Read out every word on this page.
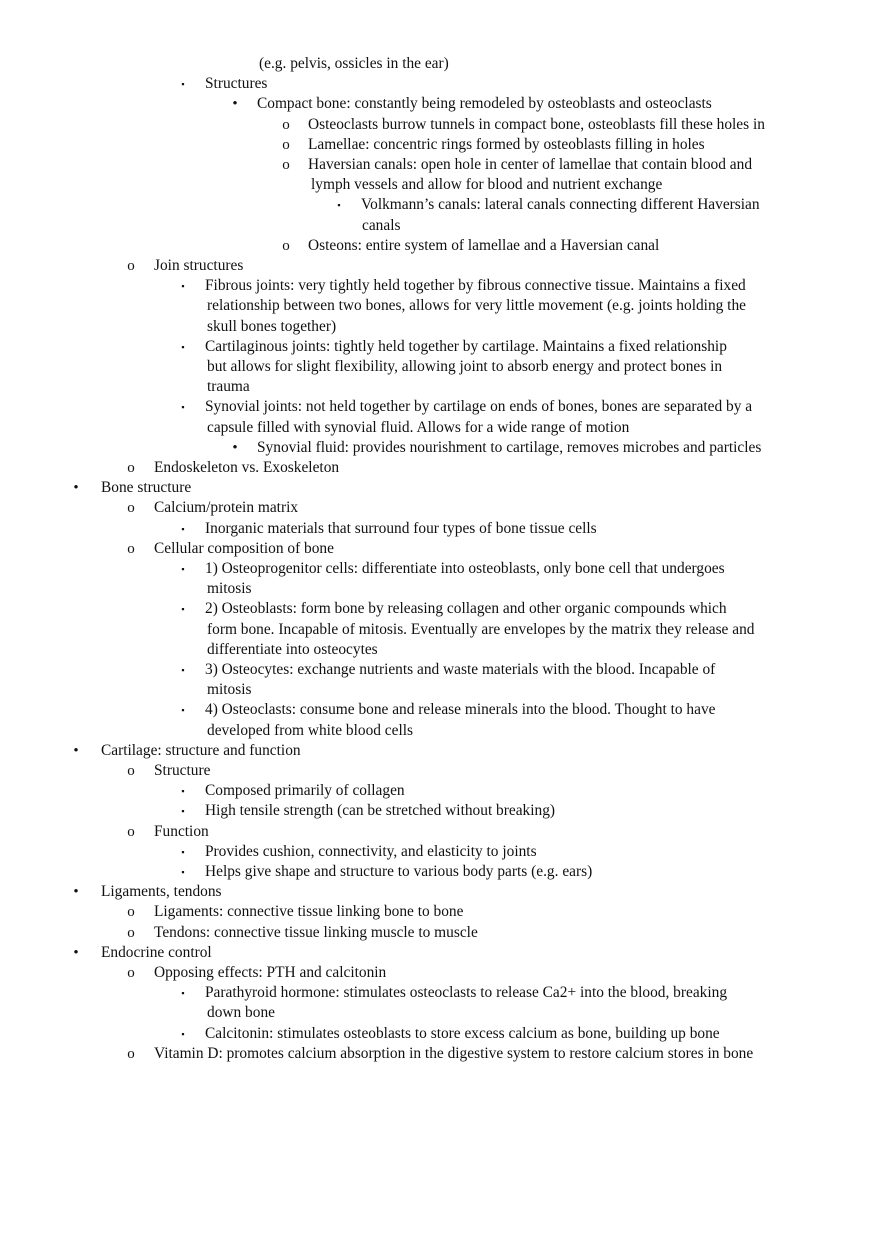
(e.g. pelvis, ossicles in the ear)
▪	Structures
• Compact bone: constantly being remodeled by osteoblasts and osteoclasts
o Osteoclasts burrow tunnels in compact bone, osteoblasts fill these holes in
o Lamellae: concentric rings formed by osteoblasts filling in holes
o Haversian canals: open hole in center of lamellae that contain blood and
lymph vessels and allow for blood and nutrient exchange
▪	Volkmann’s canals: lateral canals connecting different Haversian
canals
o Osteons: entire system of lamellae and a Haversian canal
o Join structures
▪	Fibrous joints: very tightly held together by fibrous connective tissue. Maintains a fixed
relationship between two bones, allows for very little movement (e.g. joints holding the
skull bones together)
▪	Cartilaginous joints: tightly held together by cartilage. Maintains a fixed relationship
but allows for slight flexibility, allowing joint to absorb energy and protect bones in
trauma
▪	Synovial joints: not held together by cartilage on ends of bones, bones are separated by a
capsule filled with synovial fluid. Allows for a wide range of motion
• Synovial fluid: provides nourishment to cartilage, removes microbes and particles
o Endoskeleton vs. Exoskeleton
• Bone structure
o Calcium/protein matrix
▪	Inorganic materials that surround four types of bone tissue cells
o Cellular composition of bone
▪	1) Osteoprogenitor cells: differentiate into osteoblasts, only bone cell that undergoes
mitosis
▪	2) Osteoblasts: form bone by releasing collagen and other organic compounds which
form bone. Incapable of mitosis. Eventually are envelopes by the matrix they release and
differentiate into osteocytes
▪	3) Osteocytes: exchange nutrients and waste materials with the blood. Incapable of
mitosis
▪	4) Osteoclasts: consume bone and release minerals into the blood. Thought to have
developed from white blood cells
• Cartilage: structure and function
o Structure
▪	Composed primarily of collagen
▪	High tensile strength (can be stretched without breaking)
o Function
▪	Provides cushion, connectivity, and elasticity to joints
▪	Helps give shape and structure to various body parts (e.g. ears)
• Ligaments, tendons
o Ligaments: connective tissue linking bone to bone
o Tendons: connective tissue linking muscle to muscle
• Endocrine control
o Opposing effects: PTH and calcitonin
▪	Parathyroid hormone: stimulates osteoclasts to release Ca2+ into the blood, breaking
down bone
▪	Calcitonin: stimulates osteoblasts to store excess calcium as bone, building up bone
o Vitamin D: promotes calcium absorption in the digestive system to restore calcium stores in bone
